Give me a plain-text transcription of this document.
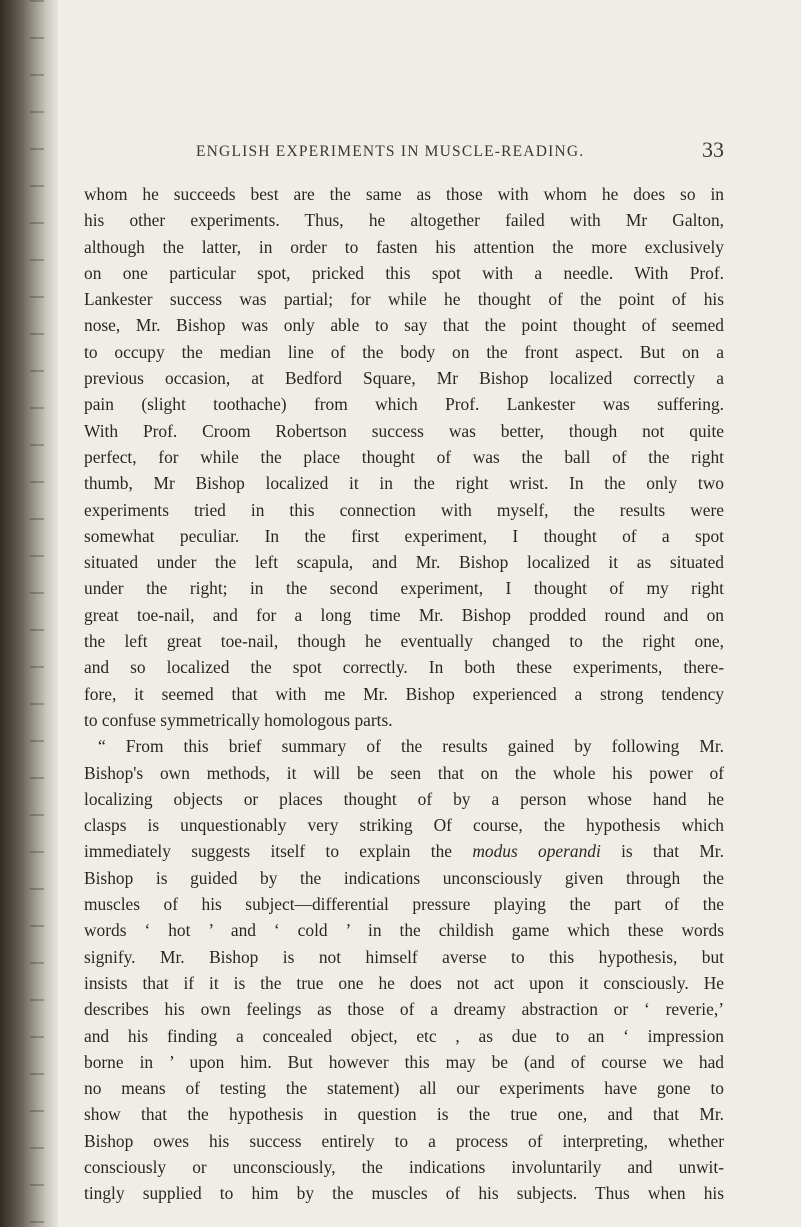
ENGLISH EXPERIMENTS IN MUSCLE-READING.	33
whom he succeeds best are the same as those with whom he does so in
his other experiments. Thus, he altogether failed with Mr Galton,
although the latter, in order to fasten his attention the more exclusively
on one particular spot, pricked this spot with a needle. With Prof.
Lankester success was partial; for while he thought of the point of his
nose, Mr. Bishop was only able to say that the point thought of seemed
to occupy the median line of the body on the front aspect. But on a
previous occasion, at Bedford Square, Mr Bishop localized correctly a
pain (slight toothache) from which Prof. Lankester was suffering.
With Prof. Croom Robertson success was better, though not quite
perfect, for while the place thought of was the ball of the right
thumb, Mr Bishop localized it in the right wrist. In the only two
experiments tried in this connection with myself, the results were
somewhat peculiar. In the first experiment, I thought of a spot
situated under the left scapula, and Mr. Bishop localized it as situated
under the right; in the second experiment, I thought of my right
great toe-nail, and for a long time Mr. Bishop prodded round and on
the left great toe-nail, though he eventually changed to the right one,
and so localized the spot correctly. In both these experiments, there-
fore, it seemed that with me Mr. Bishop experienced a strong tendency
to confuse symmetrically homologous parts.
“ From this brief summary of the results gained by following Mr.
Bishop's own methods, it will be seen that on the whole his power of
localizing objects or places thought of by a person whose hand he
clasps is unquestionably very striking Of course, the hypothesis which
immediately suggests itself to explain the modus operandi is that Mr.
Bishop is guided by the indications unconsciously given through the
muscles of his subject—differential pressure playing the part of the
words ‘ hot ’ and ‘ cold ’ in the childish game which these words
signify. Mr. Bishop is not himself averse to this hypothesis, but
insists that if it is the true one he does not act upon it consciously. He
describes his own feelings as those of a dreamy abstraction or ‘ reverie,’
and his finding a concealed object, etc , as due to an ‘ impression
borne in ’ upon him. But however this may be (and of course we had
no means of testing the statement) all our experiments have gone to
show that the hypothesis in question is the true one, and that Mr.
Bishop owes his success entirely to a process of interpreting, whether
consciously or unconsciously, the indications involuntarily and unwit-
tingly supplied to him by the muscles of his subjects. Thus when his
